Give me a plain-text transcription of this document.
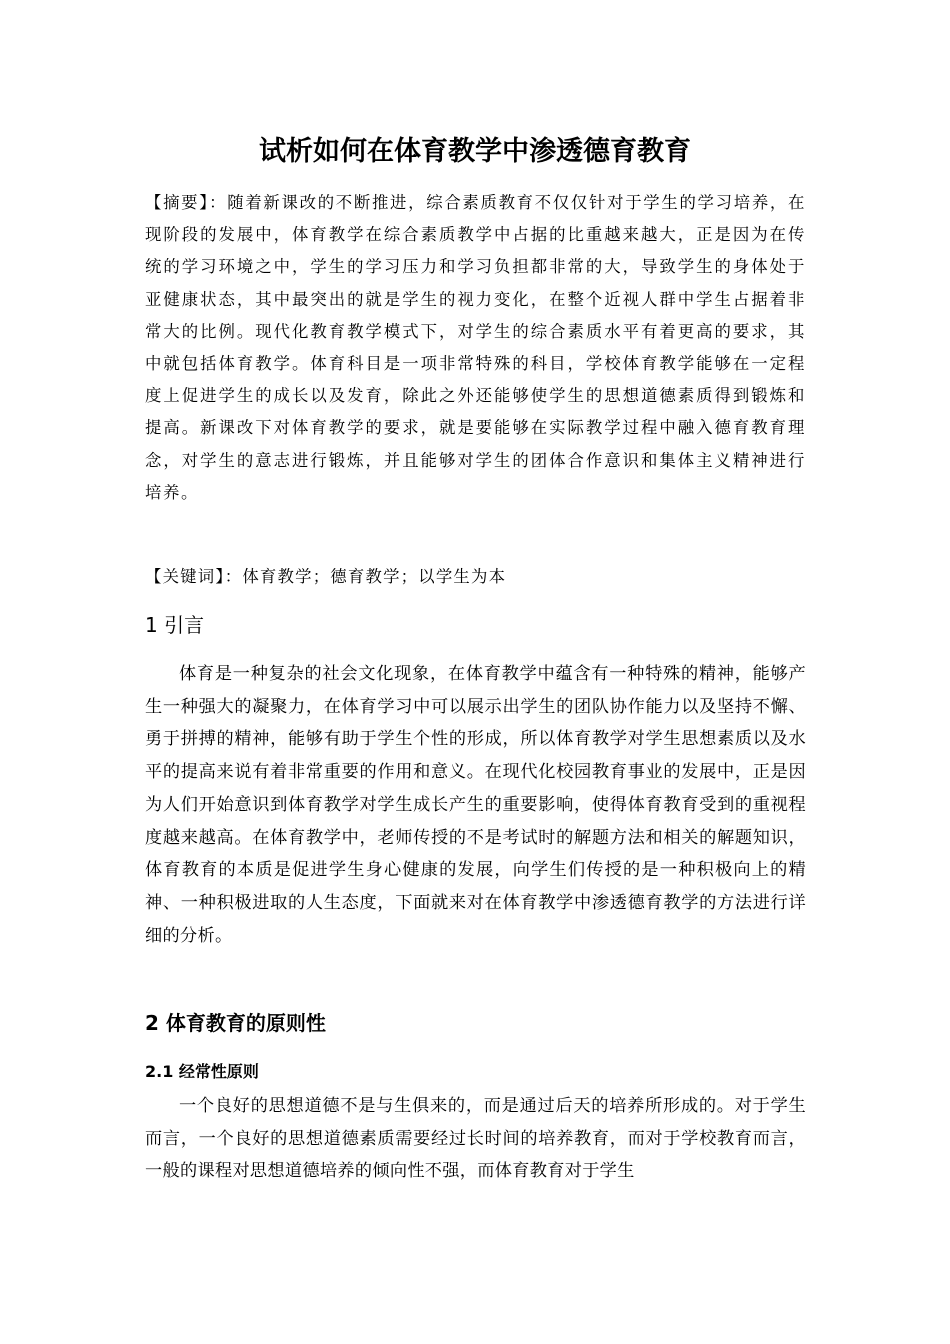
试析如何在体育教学中渗透德育教育

【摘要】：随着新课改的不断推进，综合素质教育不仅仅针对于学生的学习培养，在现阶段的发展中，体育教学在综合素质教学中占据的比重越来越大，正是因为在传统的学习环境之中，学生的学习压力和学习负担都非常的大，导致学生的身体处于亚健康状态，其中最突出的就是学生的视力变化，在整个近视人群中学生占据着非常大的比例。现代化教育教学模式下，对学生的综合素质水平有着更高的要求，其中就包括体育教学。体育科目是一项非常特殊的科目，学校体育教学能够在一定程度上促进学生的成长以及发育，除此之外还能够使学生的思想道德素质得到锻炼和提高。新课改下对体育教学的要求，就是要能够在实际教学过程中融入德育教育理念，对学生的意志进行锻炼，并且能够对学生的团体合作意识和集体主义精神进行培养。

【关键词】：体育教学；德育教学；以学生为本

1 引言

体育是一种复杂的社会文化现象，在体育教学中蕴含有一种特殊的精神，能够产生一种强大的凝聚力，在体育学习中可以展示出学生的团队协作能力以及坚持不懈、勇于拼搏的精神，能够有助于学生个性的形成，所以体育教学对学生思想素质以及水平的提高来说有着非常重要的作用和意义。在现代化校园教育事业的发展中，正是因为人们开始意识到体育教学对学生成长产生的重要影响，使得体育教育受到的重视程度越来越高。在体育教学中，老师传授的不是考试时的解题方法和相关的解题知识，体育教育的本质是促进学生身心健康的发展，向学生们传授的是一种积极向上的精神、一种积极进取的人生态度，下面就来对在体育教学中渗透德育教学的方法进行详细的分析。

2 体育教育的原则性
2.1 经常性原则

一个良好的思想道德不是与生俱来的，而是通过后天的培养所形成的。对于学生而言，一个良好的思想道德素质需要经过长时间的培养教育，而对于学校教育而言，一般的课程对思想道德培养的倾向性不强，而体育教育对于学生
